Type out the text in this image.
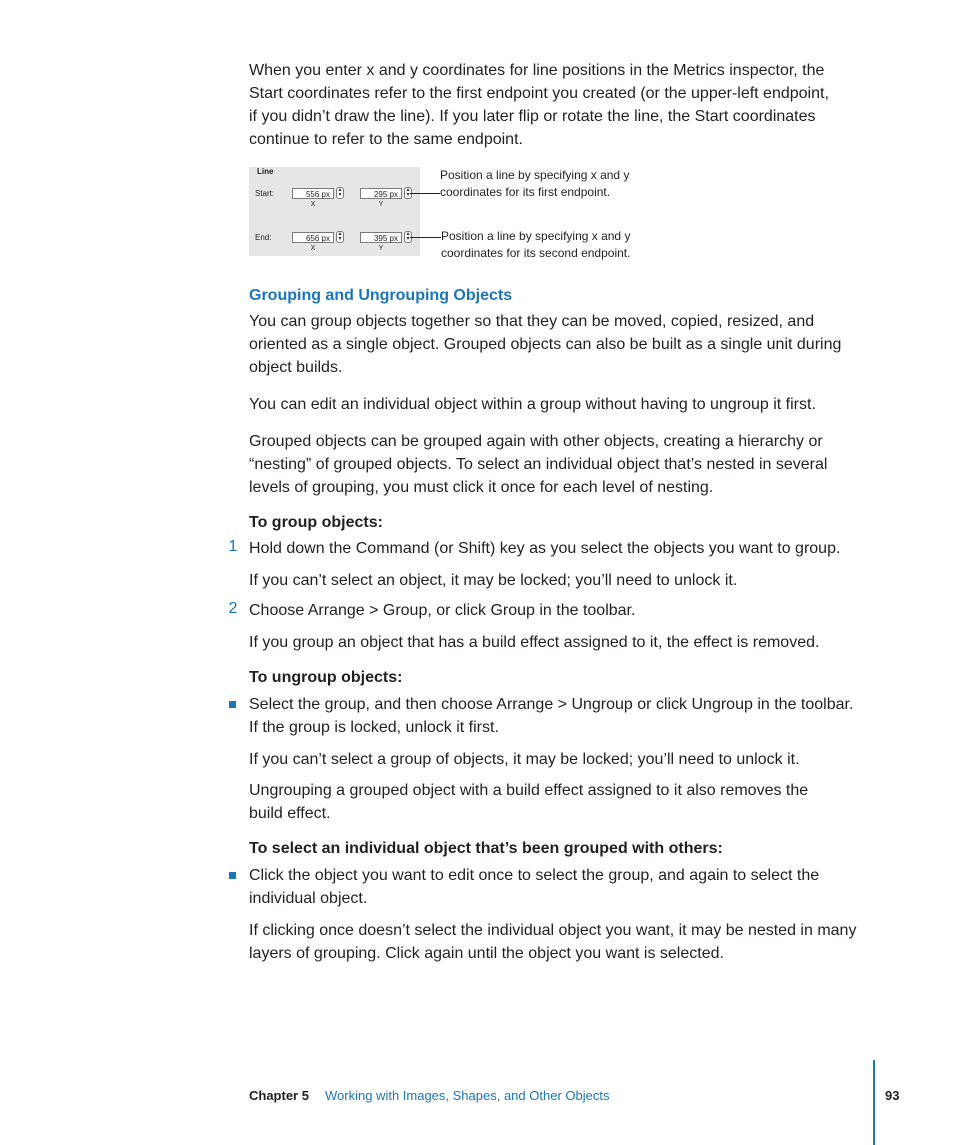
When you enter x and y coordinates for line positions in the Metrics inspector, the
Start coordinates refer to the first endpoint you created (or the upper-left endpoint,
if you didn’t draw the line). If you later flip or rotate the line, the Start coordinates
continue to refer to the same endpoint.
Line
Start:	556 px	▴
▾	295 px	▴
▾
X	Y
End:	656 px	▴
▾	395 px	▴
▾
X	Y
Position a line by specifying x and y
coordinates for its first endpoint.
Position a line by specifying x and y
coordinates for its second endpoint.
Grouping and Ungrouping Objects
You can group objects together so that they can be moved, copied, resized, and
oriented as a single object. Grouped objects can also be built as a single unit during
object builds.
You can edit an individual object within a group without having to ungroup it first.
Grouped objects can be grouped again with other objects, creating a hierarchy or
“nesting” of grouped objects. To select an individual object that’s nested in several
levels of grouping, you must click it once for each level of nesting.
To group objects:
1 Hold down the Command (or Shift) key as you select the objects you want to group.
If you can’t select an object, it may be locked; you’ll need to unlock it.
2 Choose Arrange > Group, or click Group in the toolbar.
If you group an object that has a build effect assigned to it, the effect is removed.
To ungroup objects:
Select the group, and then choose Arrange > Ungroup or click Ungroup in the toolbar.
If the group is locked, unlock it first.
If you can’t select a group of objects, it may be locked; you’ll need to unlock it.
Ungrouping a grouped object with a build effect assigned to it also removes the
build effect.
To select an individual object that’s been grouped with others:
Click the object you want to edit once to select the group, and again to select the
individual object.
If clicking once doesn’t select the individual object you want, it may be nested in many
layers of grouping. Click again until the object you want is selected.
Chapter 5 Working with Images, Shapes, and Other Objects	93
